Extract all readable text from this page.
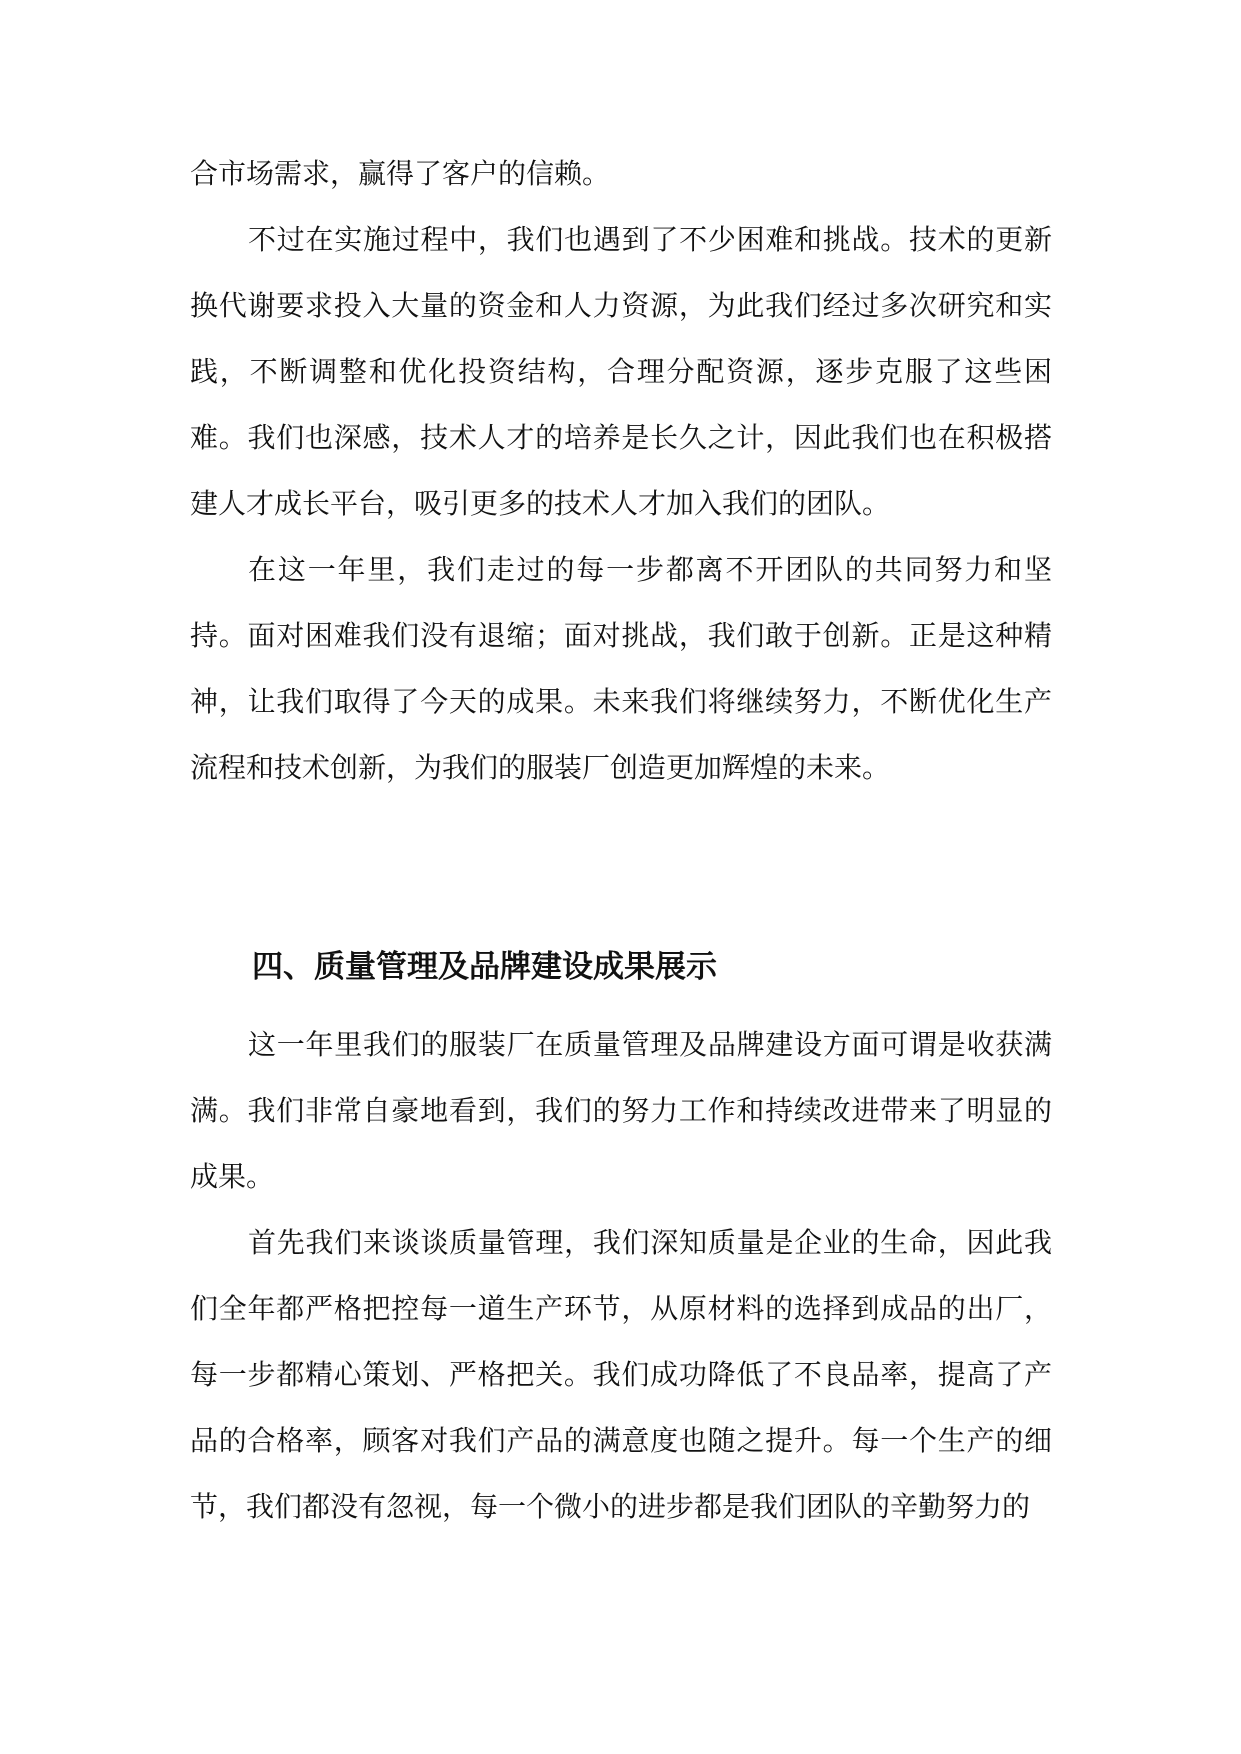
合市场需求，赢得了客户的信赖。

不过在实施过程中，我们也遇到了不少困难和挑战。技术的更新换代谢要求投入大量的资金和人力资源，为此我们经过多次研究和实践，不断调整和优化投资结构，合理分配资源，逐步克服了这些困难。我们也深感，技术人才的培养是长久之计，因此我们也在积极搭建人才成长平台，吸引更多的技术人才加入我们的团队。

在这一年里，我们走过的每一步都离不开团队的共同努力和坚持。面对困难我们没有退缩；面对挑战，我们敢于创新。正是这种精神，让我们取得了今天的成果。未来我们将继续努力，不断优化生产流程和技术创新，为我们的服装厂创造更加辉煌的未来。

四、质量管理及品牌建设成果展示

这一年里我们的服装厂在质量管理及品牌建设方面可谓是收获满满。我们非常自豪地看到，我们的努力工作和持续改进带来了明显的成果。

首先我们来谈谈质量管理，我们深知质量是企业的生命，因此我们全年都严格把控每一道生产环节，从原材料的选择到成品的出厂，每一步都精心策划、严格把关。我们成功降低了不良品率，提高了产品的合格率，顾客对我们产品的满意度也随之提升。每一个生产的细节，我们都没有忽视，每一个微小的进步都是我们团队的辛勤努力的
